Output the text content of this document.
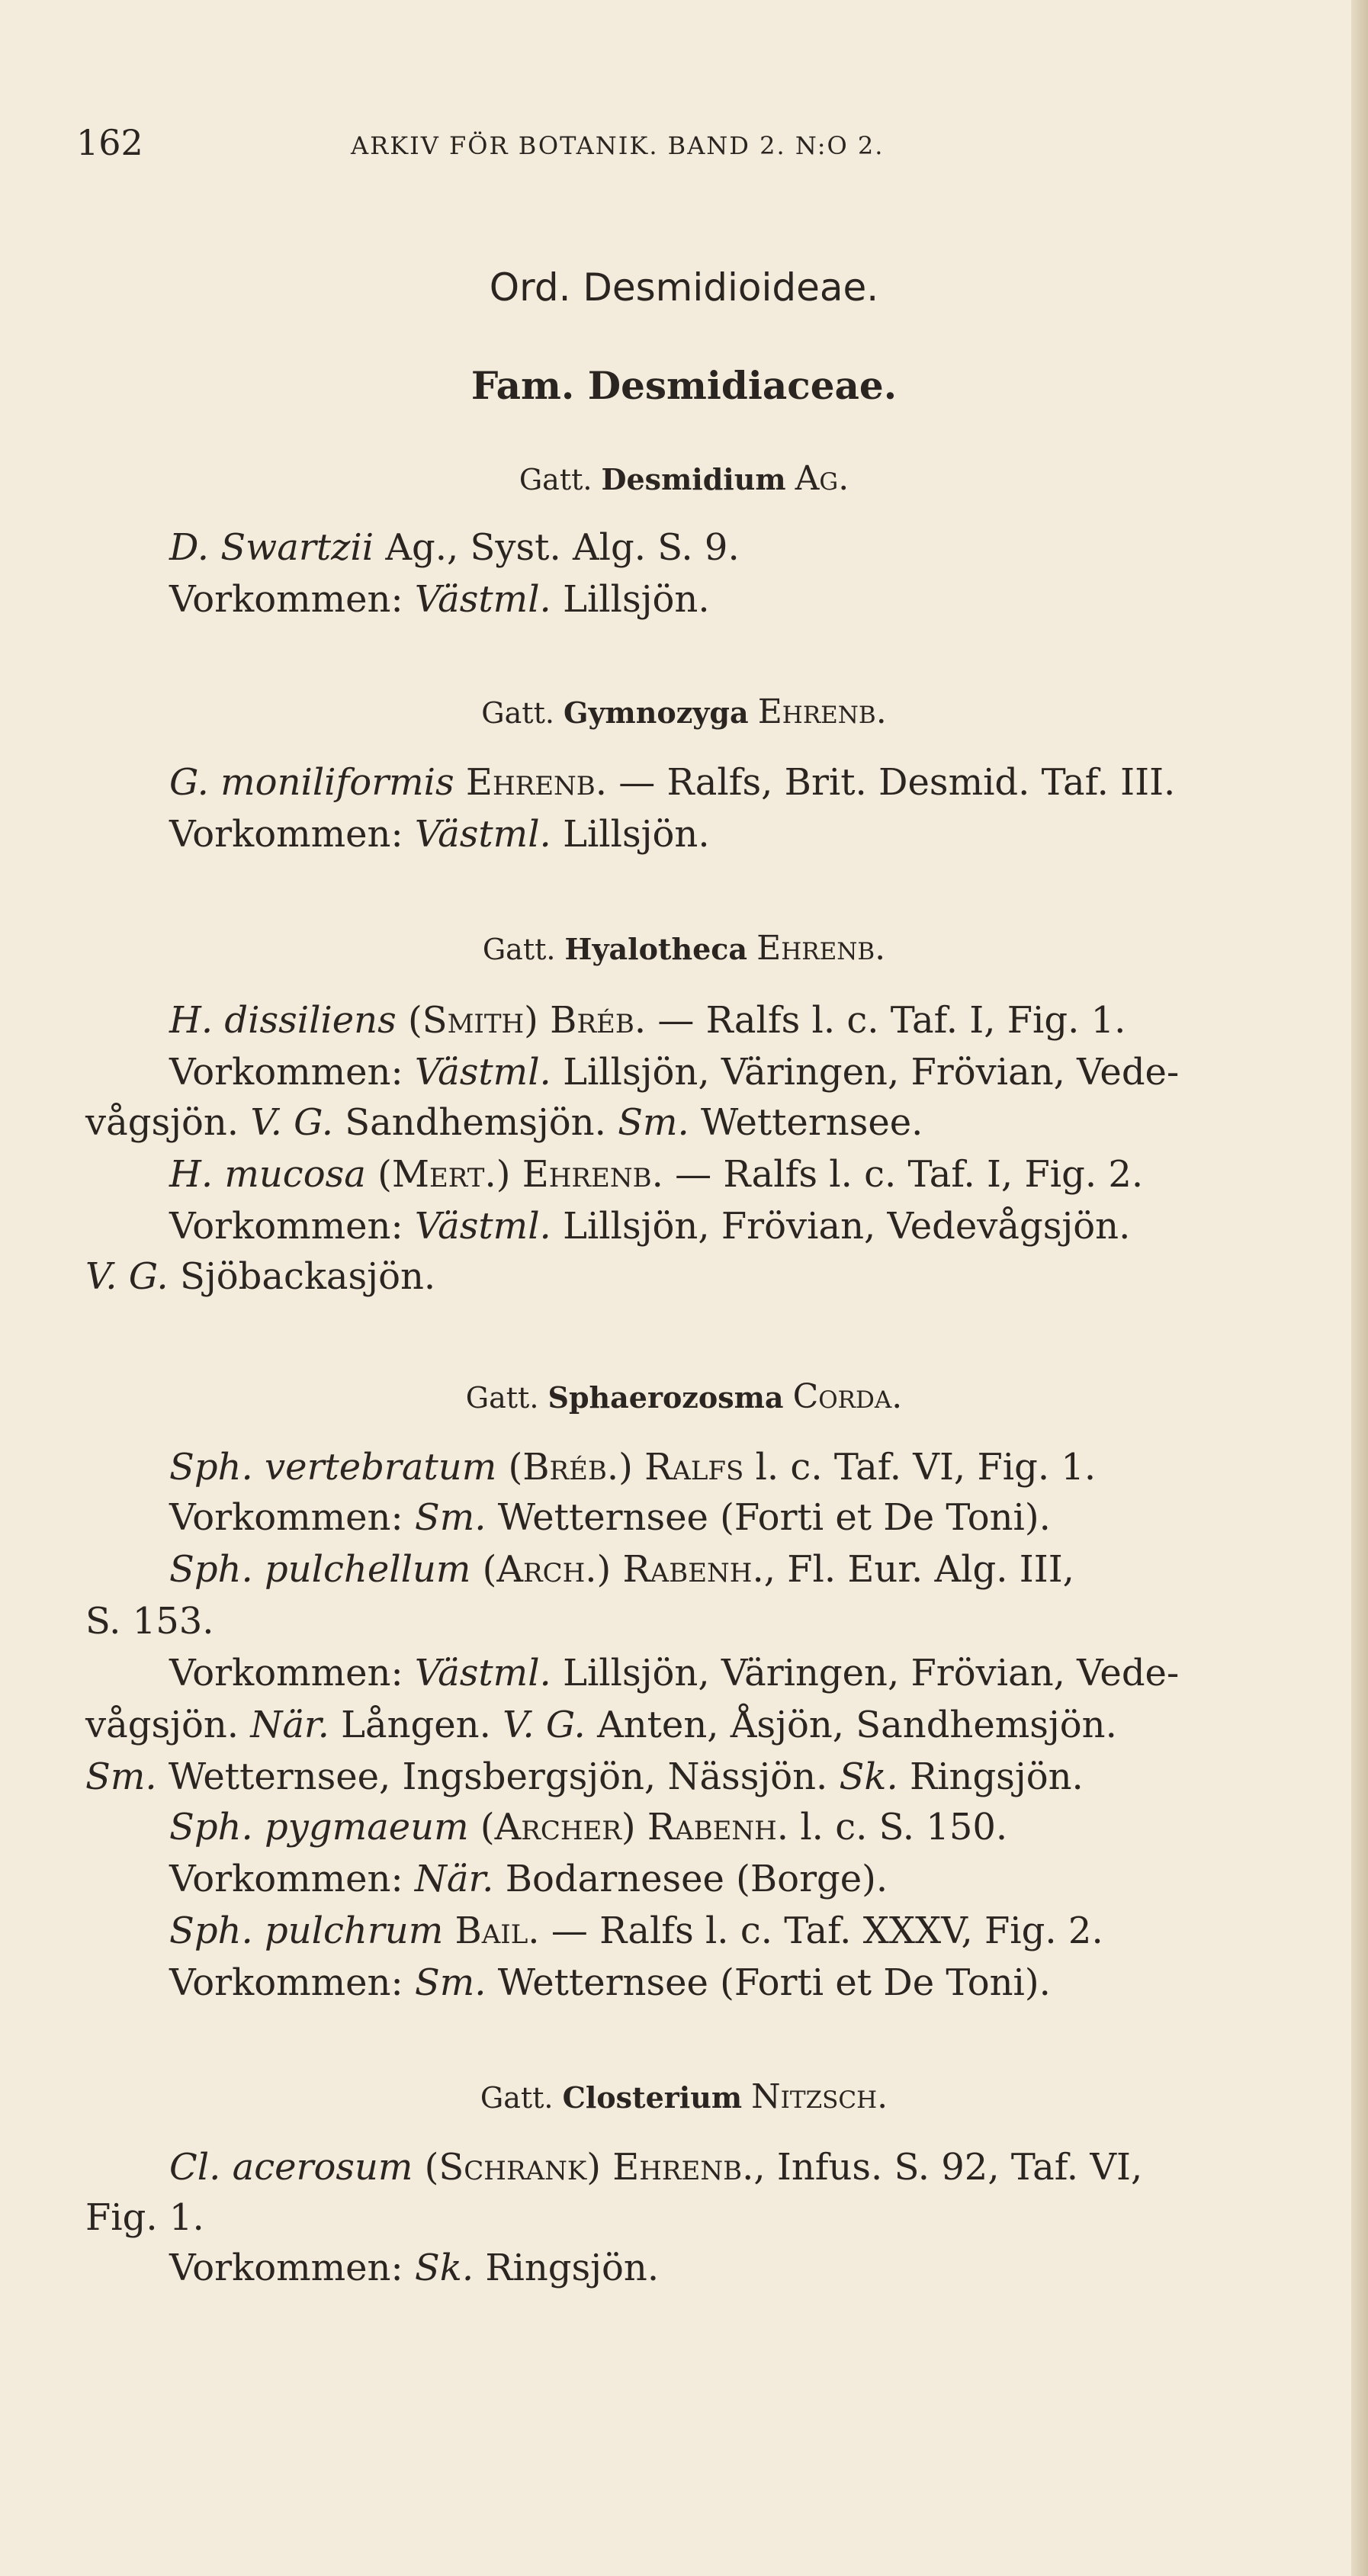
162	ARKIV FÖR BOTANIK. BAND 2. N:O 2.
Ord. Desmidioideae.
Fam. Desmidiaceae.
Gatt. Desmidium Ag.
D. Swartzii Ag., Syst. Alg. S. 9.
Vorkommen: Västml. Lillsjön.
Gatt. Gymnozyga Ehrenb.
G. moniliformis Ehrenb. — Ralfs, Brit. Desmid. Taf. III.
Vorkommen: Västml. Lillsjön.
Gatt. Hyalotheca Ehrenb.
H. dissiliens (Smith) Bréb. — Ralfs l. c. Taf. I, Fig. 1.
Vorkommen: Västml. Lillsjön, Väringen, Frövian, Vede-
vågsjön. V. G. Sandhemsjön. Sm. Wetternsee.
H. mucosa (Mert.) Ehrenb. — Ralfs l. c. Taf. I, Fig. 2.
Vorkommen: Västml. Lillsjön, Frövian, Vedevågsjön.
V. G. Sjöbackasjön.
Gatt. Sphaerozosma Corda.
Sph. vertebratum (Bréb.) Ralfs l. c. Taf. VI, Fig. 1.
Vorkommen: Sm. Wetternsee (Forti et De Toni).
Sph. pulchellum (Arch.) Rabenh., Fl. Eur. Alg. III,
S. 153.
Vorkommen: Västml. Lillsjön, Väringen, Frövian, Vede-
vågsjön. När. Lången. V. G. Anten, Åsjön, Sandhemsjön.
Sm. Wetternsee, Ingsbergsjön, Nässjön. Sk. Ringsjön.
Sph. pygmaeum (Archer) Rabenh. l. c. S. 150.
Vorkommen: När. Bodarnesee (Borge).
Sph. pulchrum Bail. — Ralfs l. c. Taf. XXXV, Fig. 2.
Vorkommen: Sm. Wetternsee (Forti et De Toni).
Gatt. Closterium Nitzsch.
Cl. acerosum (Schrank) Ehrenb., Infus. S. 92, Taf. VI,
Fig. 1.
Vorkommen: Sk. Ringsjön.
